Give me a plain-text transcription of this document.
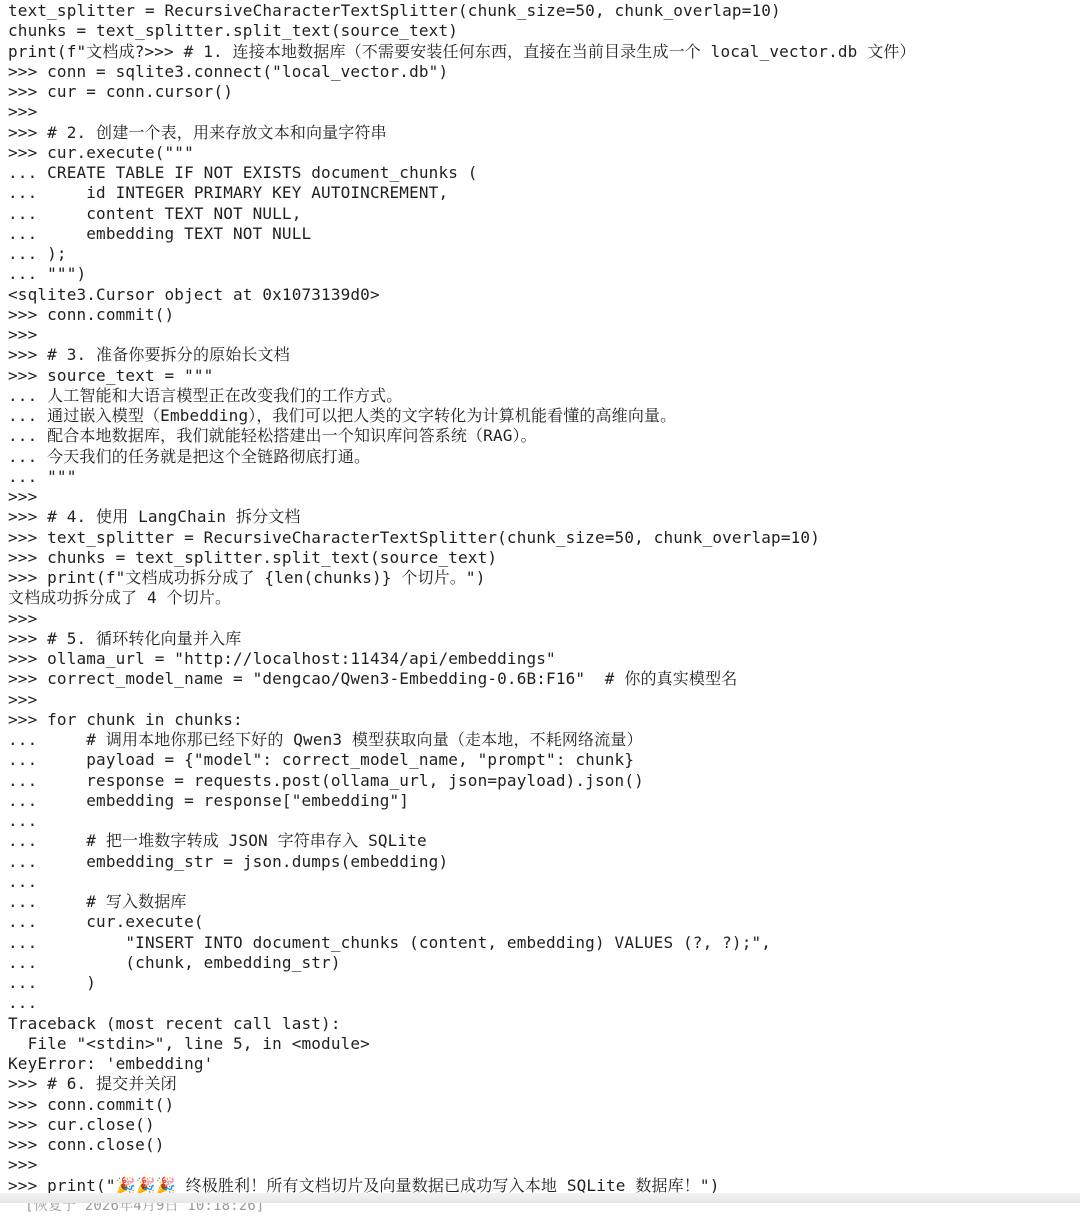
text_splitter = RecursiveCharacterTextSplitter(chunk_size=50, chunk_overlap=10)
chunks = text_splitter.split_text(source_text)
print(f"文档成?>>> # 1. 连接本地数据库（不需要安装任何东西，直接在当前目录生成一个 local_vector.db 文件）
>>> conn = sqlite3.connect("local_vector.db")
>>> cur = conn.cursor()
>>>
>>> # 2. 创建一个表，用来存放文本和向量字符串
>>> cur.execute("""
... CREATE TABLE IF NOT EXISTS document_chunks (
...     id INTEGER PRIMARY KEY AUTOINCREMENT,
...     content TEXT NOT NULL,
...     embedding TEXT NOT NULL
... );
... """)
<sqlite3.Cursor object at 0x1073139d0>
>>> conn.commit()
>>>
>>> # 3. 准备你要拆分的原始长文档
>>> source_text = """
... 人工智能和大语言模型正在改变我们的工作方式。
... 通过嵌入模型（Embedding），我们可以把人类的文字转化为计算机能看懂的高维向量。
... 配合本地数据库，我们就能轻松搭建出一个知识库问答系统（RAG）。
... 今天我们的任务就是把这个全链路彻底打通。
... """
>>>
>>> # 4. 使用 LangChain 拆分文档
>>> text_splitter = RecursiveCharacterTextSplitter(chunk_size=50, chunk_overlap=10)
>>> chunks = text_splitter.split_text(source_text)
>>> print(f"文档成功拆分成了 {len(chunks)} 个切片。")
文档成功拆分成了 4 个切片。
>>>
>>> # 5. 循环转化向量并入库
>>> ollama_url = "http://localhost:11434/api/embeddings"
>>> correct_model_name = "dengcao/Qwen3-Embedding-0.6B:F16"  # 你的真实模型名
>>>
>>> for chunk in chunks:
...     # 调用本地你那已经下好的 Qwen3 模型获取向量（走本地，不耗网络流量）
...     payload = {"model": correct_model_name, "prompt": chunk}
...     response = requests.post(ollama_url, json=payload).json()
...     embedding = response["embedding"]
...
...     # 把一堆数字转成 JSON 字符串存入 SQLite
...     embedding_str = json.dumps(embedding)
...
...     # 写入数据库
...     cur.execute(
...         "INSERT INTO document_chunks (content, embedding) VALUES (?, ?);",
...         (chunk, embedding_str)
...     )
...
Traceback (most recent call last):
File "<stdin>", line 5, in <module>
KeyError: 'embedding'
>>> # 6. 提交并关闭
>>> conn.commit()
>>> cur.close()
>>> conn.close()
>>>
>>> print("🎉🎉🎉 终极胜利！所有文档切片及向量数据已成功写入本地 SQLite 数据库！")
